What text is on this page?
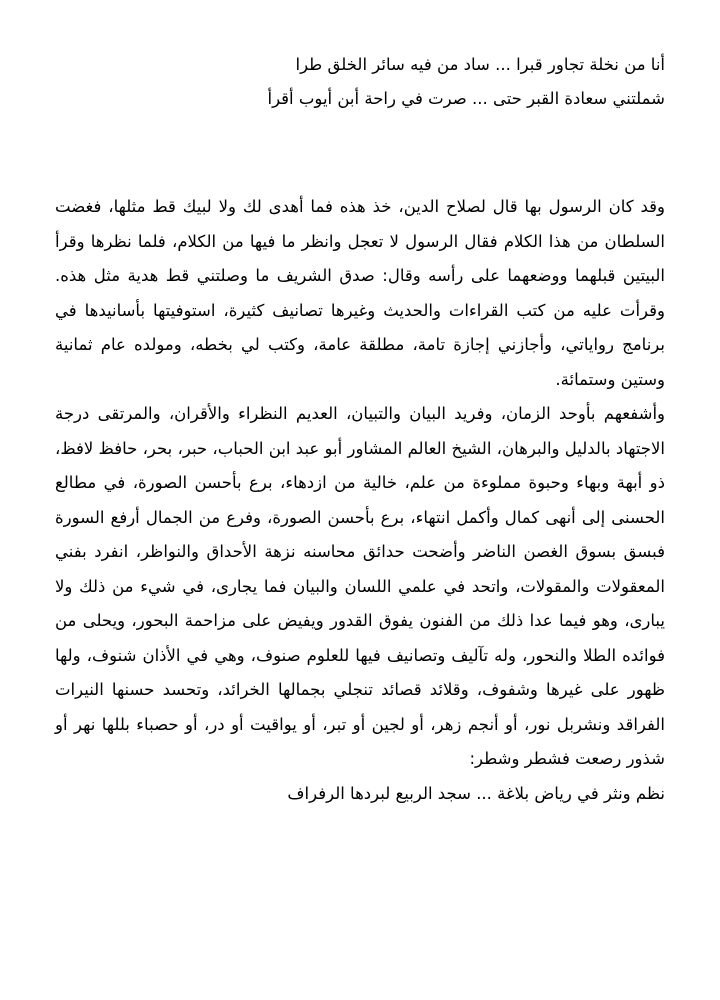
أنا من نخلة تجاور قبرا ... ساد من فيه سائر الخلق طرا
شملتني سعادة القبر حتى ... صرت في راحة أبن أيوب أقرأ

وقد كان الرسول بها قال لصلاح الدين، خذ هذه فما أهدى لك ولا لبيك قط مثلها، فغضت السلطان من هذا الكلام فقال الرسول لا تعجل وانظر ما فيها من الكلام، فلما نظرها وقرأ البيتين قبلهما ووضعهما على رأسه وقال: صدق الشريف ما وصلتني قط هدية مثل هذه. وقرأت عليه من كتب القراءات والحديث وغيرها تصانيف كثيرة، استوفيتها بأسانيدها في برنامج رواياتي، وأجازني إجازة تامة، مطلقة عامة، وكتب لي بخطه، ومولده عام ثمانية وستين وستمائة.

وأشفعهم بأوحد الزمان، وفريد البيان والتبيان، العديم النظراء والأقران، والمرتقى درجة الاجتهاد بالدليل والبرهان، الشيخ العالم المشاور أبو عبد ابن الحباب، حبر، بحر، حافظ لافظ، ذو أبهة وبهاء وحبوة مملوءة من علم، خالية من ازدهاء، برع بأحسن الصورة، في مطالع الحسنى إلى أنهى كمال وأكمل انتهاء، برع بأحسن الصورة، وفرع من الجمال أرفع السورة فبسق بسوق الغصن الناضر وأضحت حدائق محاسنه نزهة الأحداق والنواظر، انفرد بفني المعقولات والمقولات، واتحد في علمي اللسان والبيان فما يجارى، في شيء من ذلك ولا يبارى، وهو فيما عدا ذلك من الفنون يفوق القدور ويفيض على مزاحمة البحور، ويحلى من فوائده الطلا والنحور، وله تآليف وتصانيف فيها للعلوم صنوف، وهي في الأذان شنوف، ولها ظهور على غيرها وشفوف، وقلائد قصائد تنجلي بجمالها الخرائد، وتحسد حسنها النيرات الفراقد ونشربل نور، أو أنجم زهر، أو لجين أو تبر، أو يواقيت أو در، أو حصباء بللها نهر أو شذور رصعت فشطر وشطر:

نظم ونثر في رياض بلاغة ... سجد الربيع لبردها الرفراف
